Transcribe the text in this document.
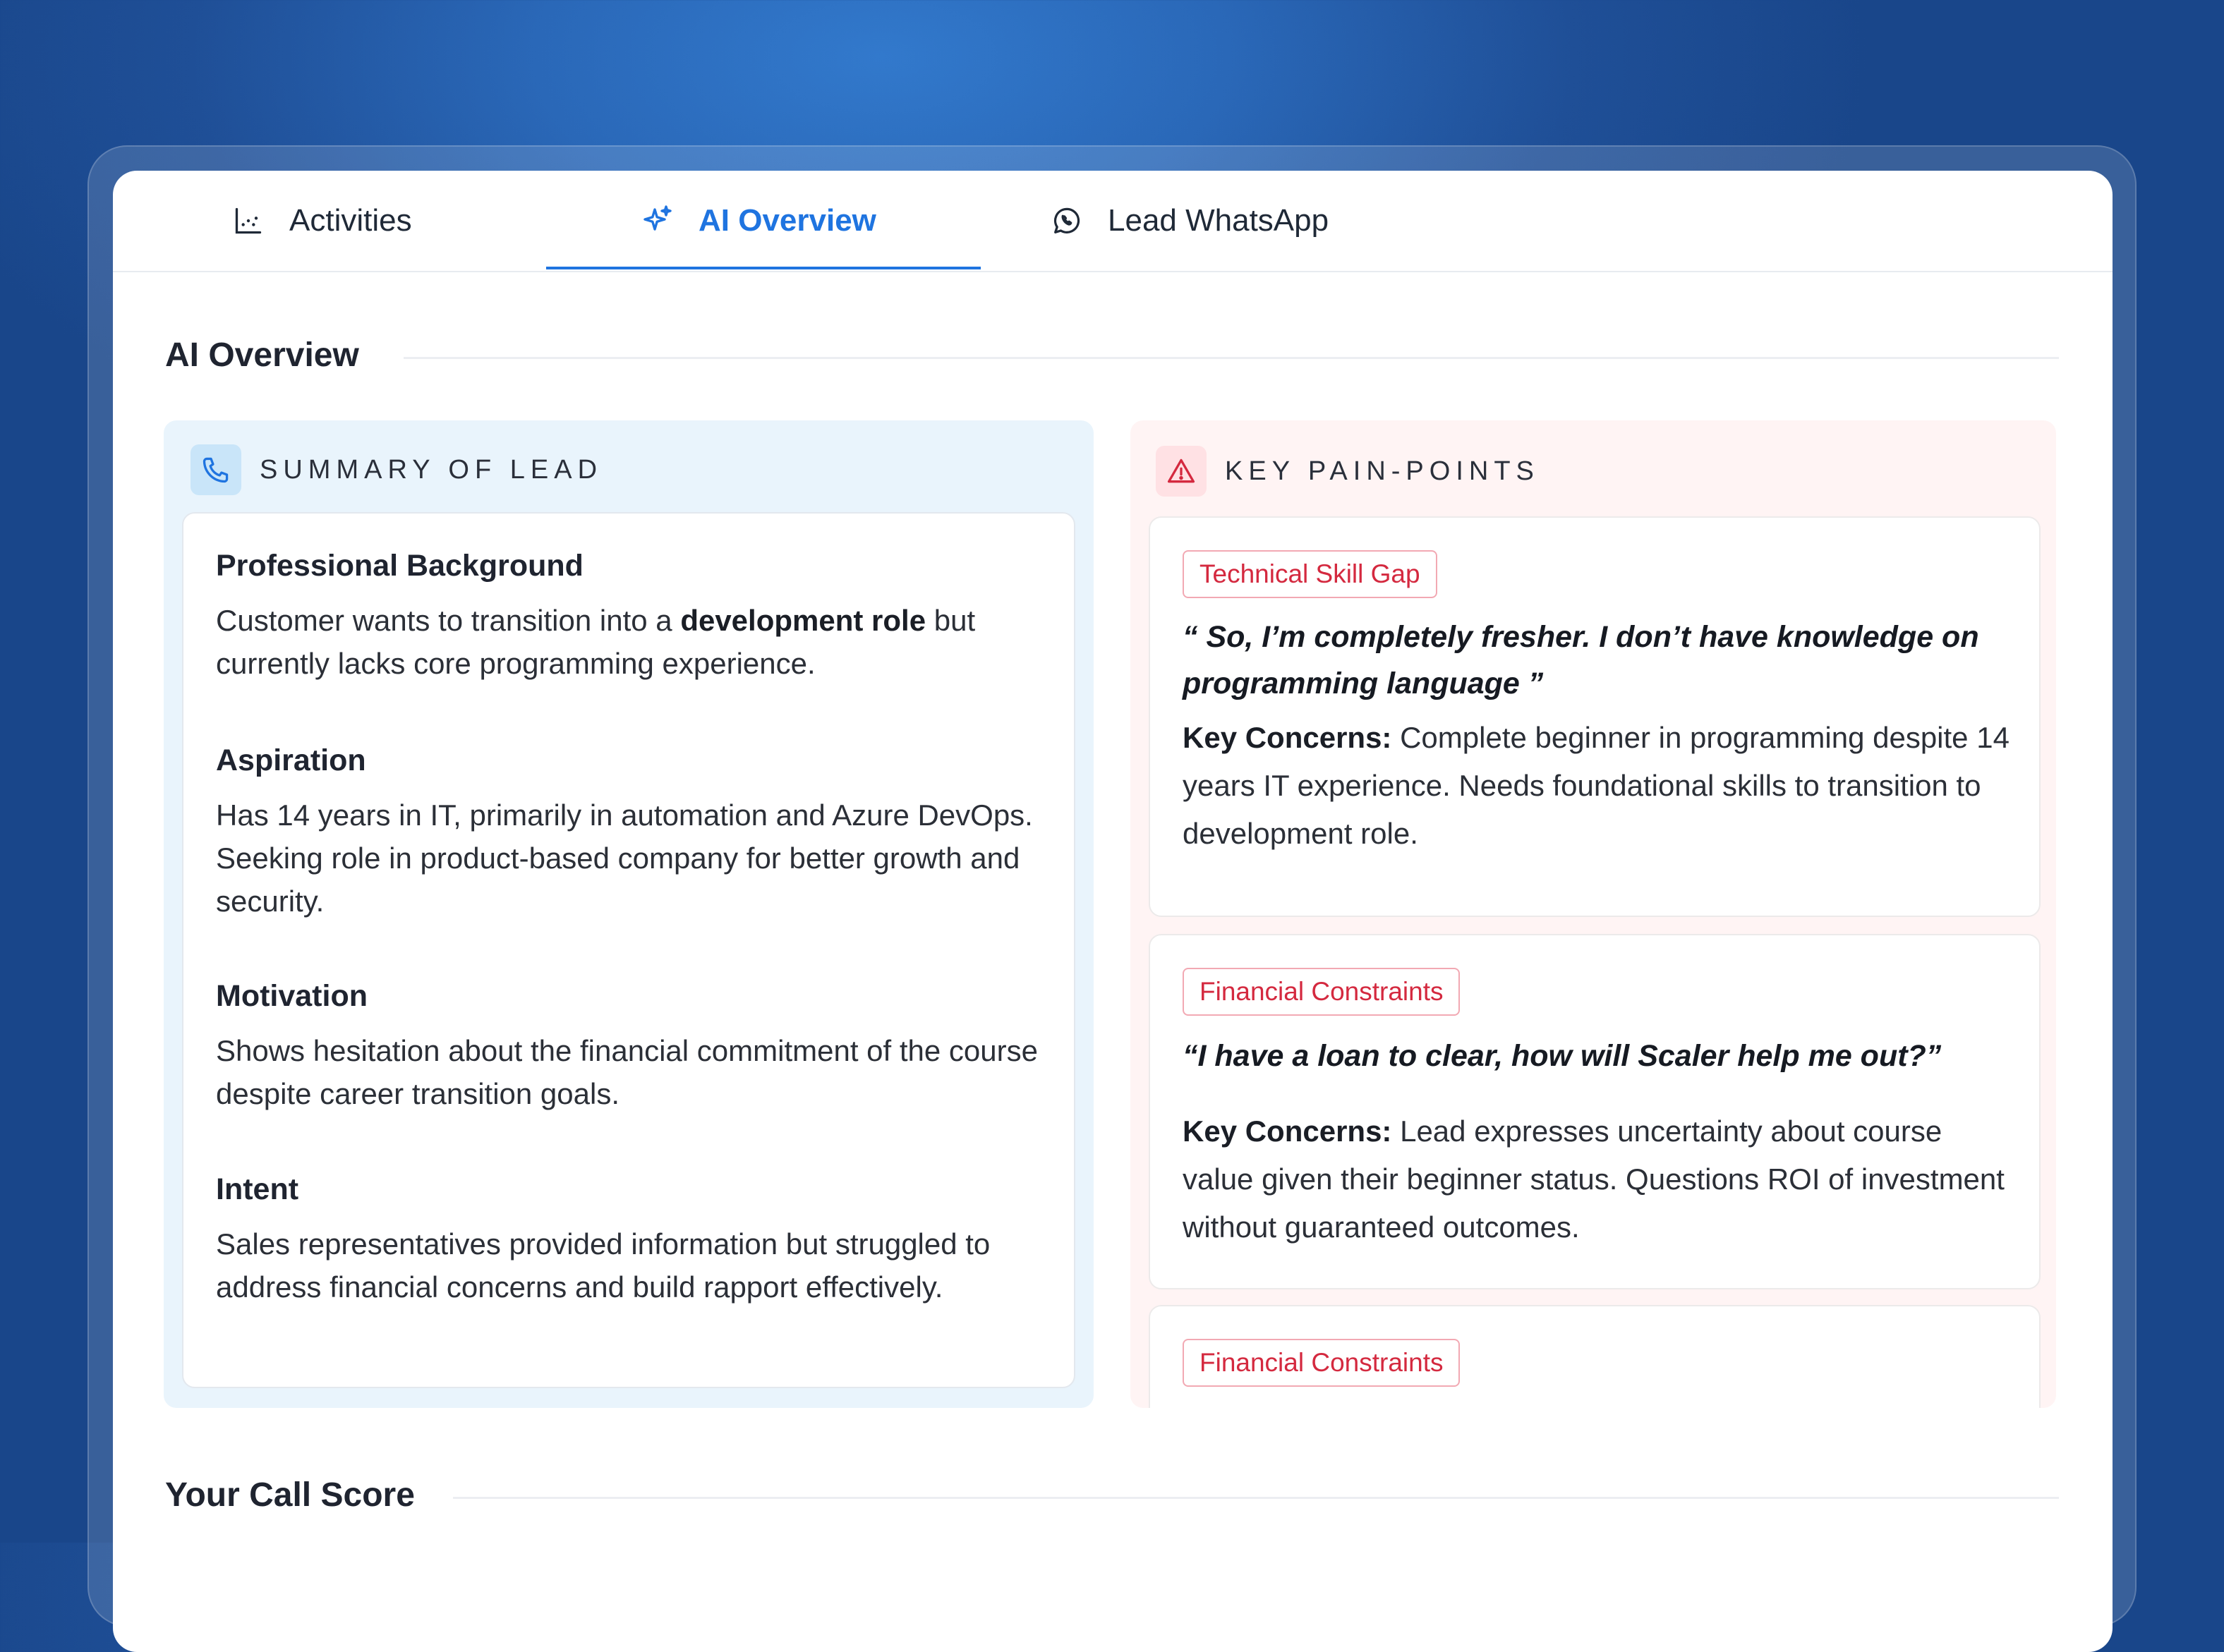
Activities	AI Overview	Lead WhatsApp
AI Overview
SUMMARY OF LEAD
Professional Background
Customer wants to transition into a development role but currently lacks core programming experience.
Aspiration
Has 14 years in IT, primarily in automation and Azure DevOps. Seeking role in product-based company for better growth and security.
Motivation
Shows hesitation about the financial commitment of the course despite career transition goals.
Intent
Sales representatives provided information but struggled to address financial concerns and build rapport effectively.
KEY PAIN-POINTS
Technical Skill Gap
“ So, I’m completely fresher. I don’t have knowledge on programming language ”
Key Concerns: Complete beginner in programming despite 14 years IT experience. Needs foundational skills to transition to development role.
Financial Constraints
“I have a loan to clear, how will Scaler help me out?”
Key Concerns: Lead expresses uncertainty about course value given their beginner status. Questions ROI of investment without guaranteed outcomes.
Financial Constraints
Your Call Score
